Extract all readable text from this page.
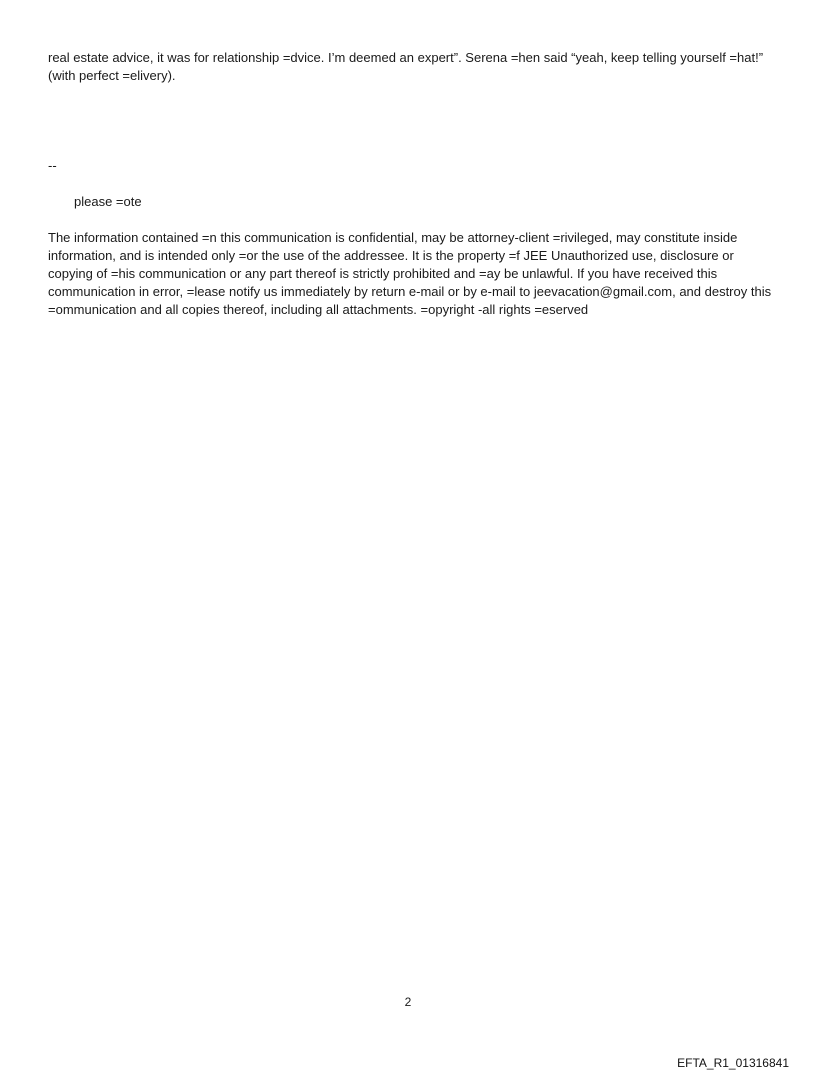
real estate advice, it was for relationship =dvice. I’m deemed an expert”. Serena =hen said “yeah, keep telling yourself =hat!” (with perfect =elivery).

--

please =ote

The information contained =n this communication is confidential, may be attorney-client =rivileged, may constitute inside information, and is intended only =or the use of the addressee. It is the property =f JEE Unauthorized use, disclosure or copying of =his communication or any part thereof is strictly prohibited and =ay be unlawful. If you have received this communication in error, =lease notify us immediately by return e-mail or by e-mail to jeevacation@gmail.com, and destroy this =ommunication and all copies thereof, including all attachments. =opyright -all rights =eserved

2
EFTA_R1_01316841
